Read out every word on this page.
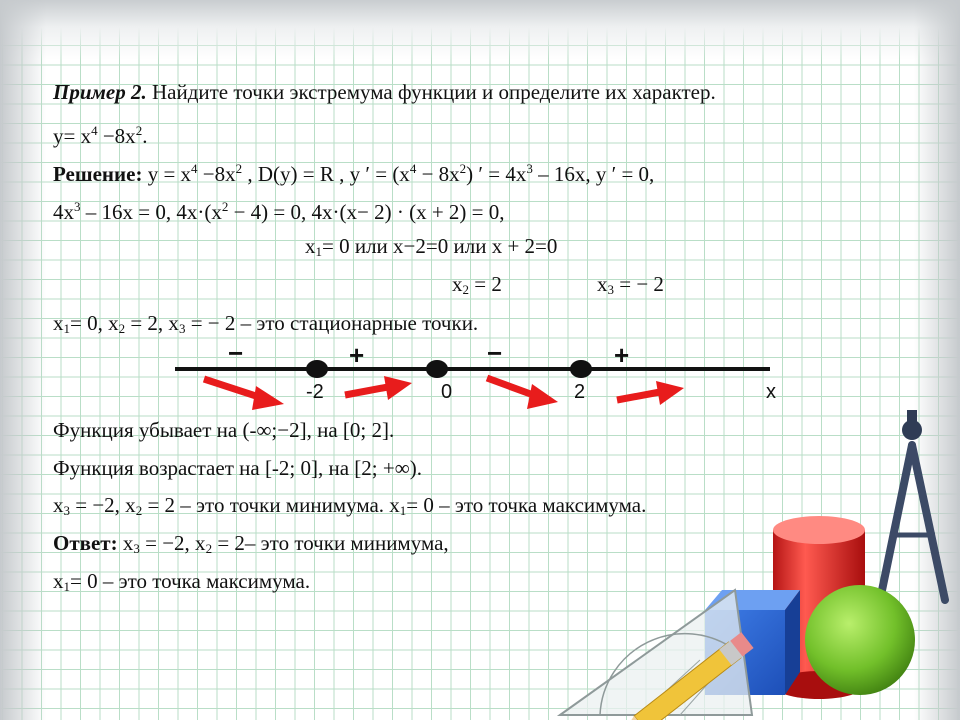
Пример 2. Найдите точки экстремума функции и определите их характер.
$y= x^4 -8x^2$.
Решение: $y = x^4 -8x^2$ , D(y) = R , y ′ = $(x^4 - 8x^2)$ ′ = $4x^3 - 16x$, y ′ = 0,
$4x^3 - 16x = 0$, $4x\cdot(x^2 - 4) = 0$, 4x·(x− 2) · (x + 2) = 0,
$x_1= 0$ или x−2=0 или x + 2=0
$x_2 = 2$	$x_3$ = − 2
$x_1= 0$, $x_2 = 2$, $x_3$ = − 2 – это стационарные точки.
−	+	−	+
-2	0	2	x
Функция убывает на (-∞;−2], на [0; 2].
Функция возрастает на [-2; 0], на [2; +∞).
$x_3 = -2$, $x_2 = 2$ – это точки минимума. $x_1= 0$ – это точка максимума.
Ответ: $x_3 = -2$, $x_2 = 2-$ это точки минимума,
$x_1= 0$ – это точка максимума.
